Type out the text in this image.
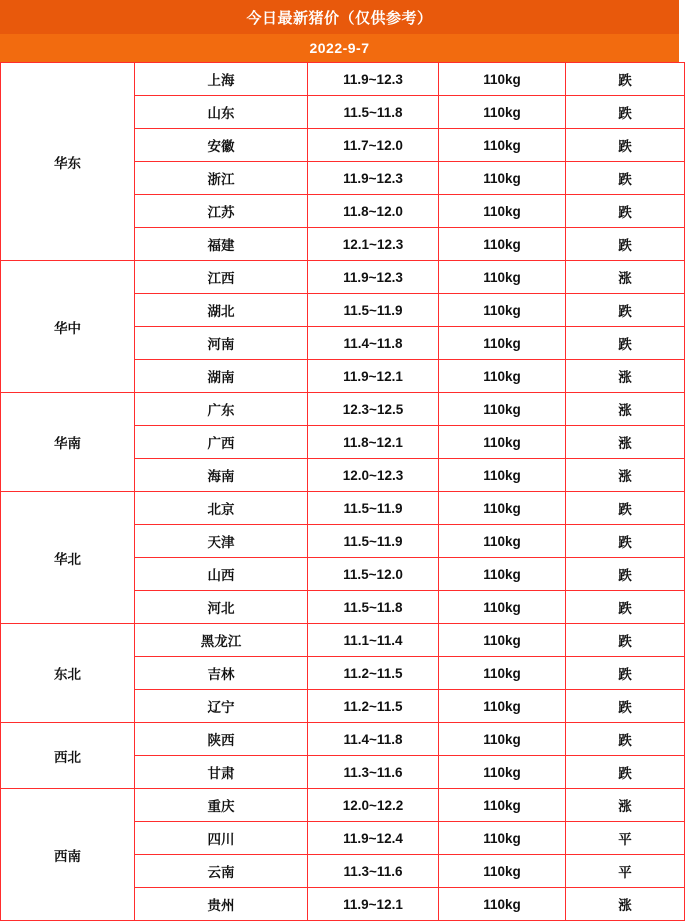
今日最新猪价（仅供参考）
2022-9-7
华东	上海	11.9~12.3	110kg	跌
	山东	11.5~11.8	110kg	跌
	安徽	11.7~12.0	110kg	跌
	浙江	11.9~12.3	110kg	跌
	江苏	11.8~12.0	110kg	跌
	福建	12.1~12.3	110kg	跌
华中	江西	11.9~12.3	110kg	涨
	湖北	11.5~11.9	110kg	跌
	河南	11.4~11.8	110kg	跌
	湖南	11.9~12.1	110kg	涨
华南	广东	12.3~12.5	110kg	涨
	广西	11.8~12.1	110kg	涨
	海南	12.0~12.3	110kg	涨
华北	北京	11.5~11.9	110kg	跌
	天津	11.5~11.9	110kg	跌
	山西	11.5~12.0	110kg	跌
	河北	11.5~11.8	110kg	跌
东北	黑龙江	11.1~11.4	110kg	跌
	吉林	11.2~11.5	110kg	跌
	辽宁	11.2~11.5	110kg	跌
西北	陕西	11.4~11.8	110kg	跌
	甘肃	11.3~11.6	110kg	跌
西南	重庆	12.0~12.2	110kg	涨
	四川	11.9~12.4	110kg	平
	云南	11.3~11.6	110kg	平
	贵州	11.9~12.1	110kg	涨
